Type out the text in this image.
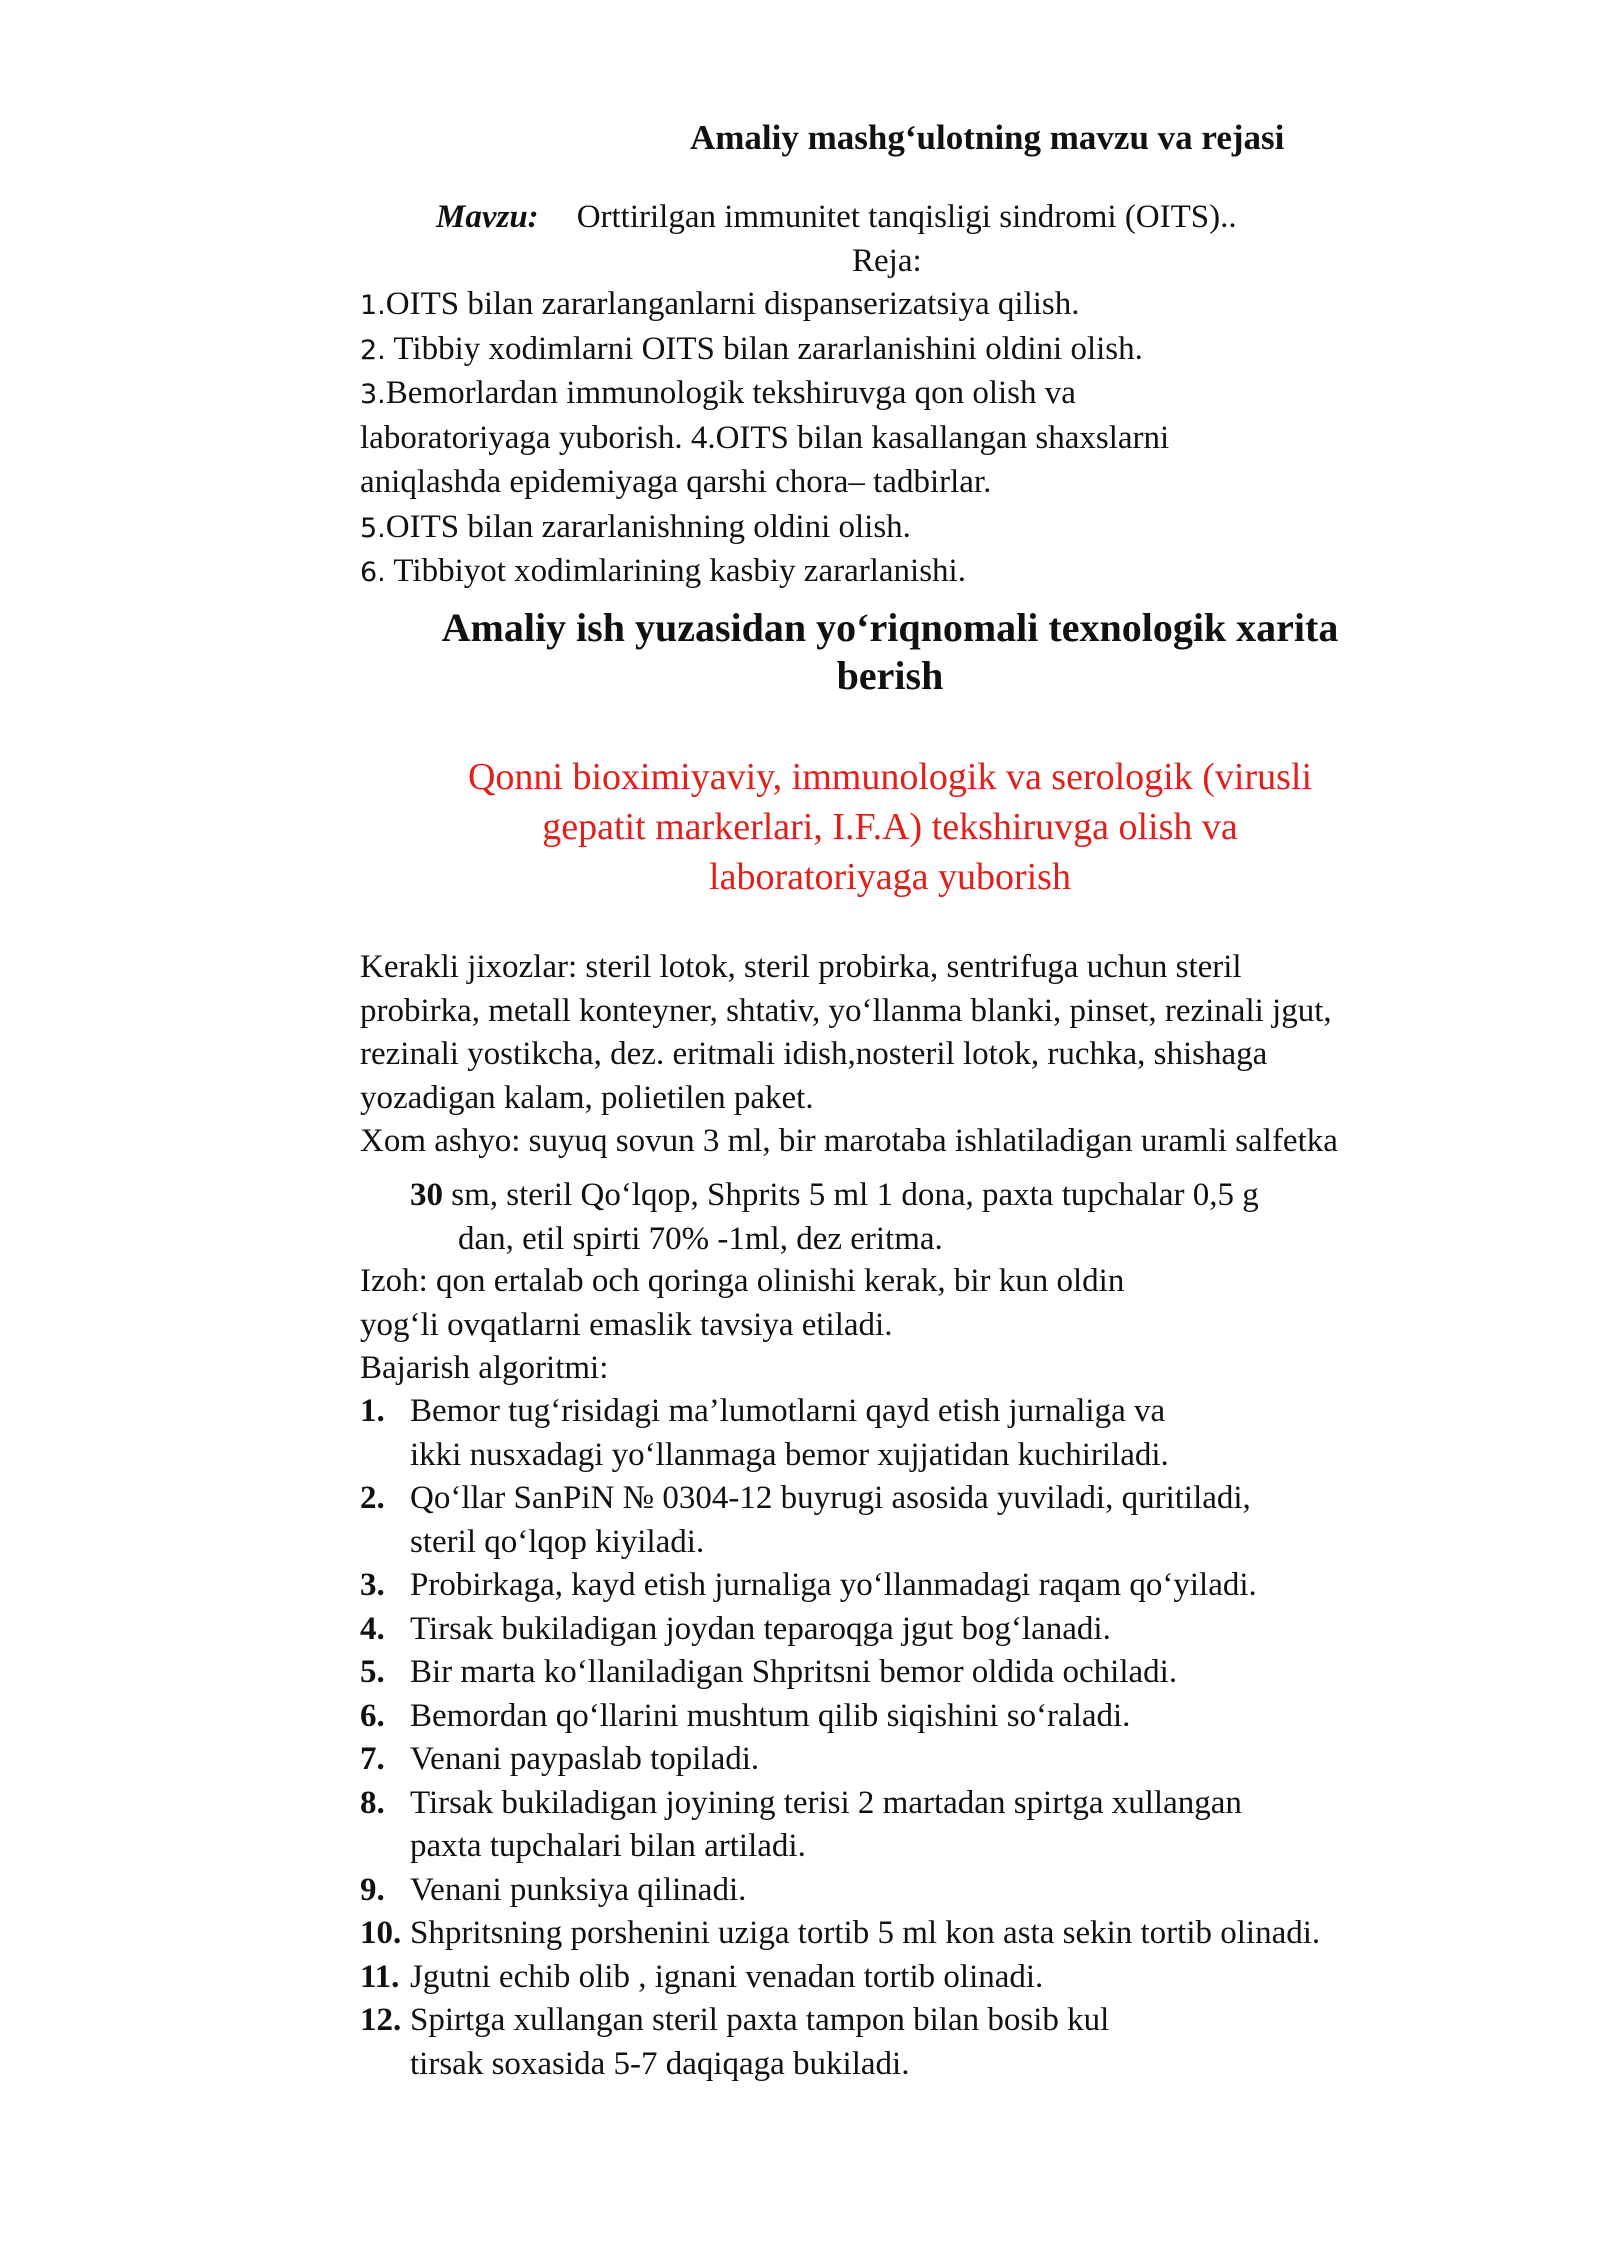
Amaliy mashg‘ulotning mavzu va rejasi
Mavzu: Orttirilgan immunitet tanqisligi sindromi (OITS)..
Reja:
1.OITS bilan zararlanganlarni dispanserizatsiya qilish.
2. Tibbiy xodimlarni OITS bilan zararlanishini oldini olish.
3.Bemorlardan immunologik tekshiruvga qon olish va
laboratoriyaga yuborish. 4.OITS bilan kasallangan shaxslarni
aniqlashda epidemiyaga qarshi chora– tadbirlar.
5.OITS bilan zararlanishning oldini olish.
6. Tibbiyot xodimlarining kasbiy zararlanishi.
Amaliy ish yuzasidan yo‘riqnomali texnologik xarita
berish
Qonni bioximiyaviy, immunologik va serologik (virusli
gepatit markerlari, I.F.A) tekshiruvga olish va
laboratoriyaga yuborish
Kerakli jixozlar: steril lotok, steril probirka, sentrifuga uchun steril
probirka, metall konteyner, shtativ, yo‘llanma blanki, pinset, rezinali jgut,
rezinali yostikcha, dez. eritmali idish,nosteril lotok, ruchka, shishaga
yozadigan kalam, polietilen paket.
Xom ashyo: suyuq sovun 3 ml, bir marotaba ishlatiladigan uramli salfetka
30 sm, steril Qo‘lqop, Shprits 5 ml 1 dona, paxta tupchalar 0,5 g
dan, etil spirti 70% -1ml, dez eritma.
Izoh: qon ertalab och qoringa olinishi kerak, bir kun oldin
yog‘li ovqatlarni emaslik tavsiya etiladi.
Bajarish algoritmi:
1. Bemor tug‘risidagi ma’lumotlarni qayd etish jurnaliga va
ikki nusxadagi yo‘llanmaga bemor xujjatidan kuchiriladi.
2. Qo‘llar SanPiN № 0304-12 buyrugi asosida yuviladi, quritiladi,
steril qo‘lqop kiyiladi.
3. Probirkaga, kayd etish jurnaliga yo‘llanmadagi raqam qo‘yiladi.
4. Tirsak bukiladigan joydan teparoqga jgut bog‘lanadi.
5. Bir marta ko‘llaniladigan Shpritsni bemor oldida ochiladi.
6. Bemordan qo‘llarini mushtum qilib siqishini so‘raladi.
7. Venani paypaslab topiladi.
8. Tirsak bukiladigan joyining terisi 2 martadan spirtga xullangan
paxta tupchalari bilan artiladi.
9. Venani punksiya qilinadi.
10. Shpritsning porshenini uziga tortib 5 ml kon asta sekin tortib olinadi.
11. Jgutni echib olib , ignani venadan tortib olinadi.
12. Spirtga xullangan steril paxta tampon bilan bosib kul
tirsak soxasida 5-7 daqiqaga bukiladi.
